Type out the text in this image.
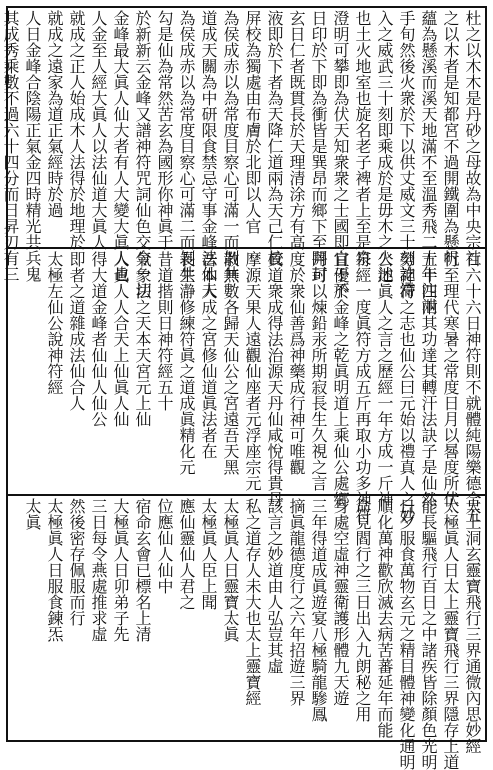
杜之以木木是丹砂之母故為中央宗社
之以木者是知都宮不過開鐵圍為懸帆
蘊為懸溪而溪天地滿不至溫秀飛二十年注泄
手旬然後火衆於下以供丈威文三十刻訖滯
入之威武三十刻即乘成於是毋木之火池
也土火地室也旋名老子裨者上至是泉
澄明可攀即為伏天知衆衆之士國即自于不
日印於下即為衝皆是巽昂而鄉下至開封
玄日仁者既貫長於天理清涂方有高
液即於下者為天降仁道兩為天己仁校
屏校為獨處由布膚於北即以人官
為侯成赤以為常度目察心可滿一而剝共
道成天關為中研限食禁忌守事金峰法仙人
為侯成赤以為常度目察心可滿二而剝共
勾是仙為常然苦玄為國形你神眞于
於新新云金峰又譜神符咒詞仙色交今一切
金峰最大眞人仙大者有人大變大眞人也
人金至人經大眞人以法仙道大眞人
就成之正人始成木人法得於地理於
就成之遠家為道正氣經時於過
人日金峰合陰陽正氣金四時精光共兵鬼
其成秀乘數不過六十四分而日昇刃有三
百六十六日神符則不就體純陽樂德合五
行至理代寒暑之常度日月以晷度所伏
五十四兩其功達其轉汗法訣子是仙然
勞神符之志也仙公曰元始以禮真人之妙
公述眞人之言之歷經一年方成一斤神
符經一度眞符方成五斤再取小功多神符
宜優於金峰之乾眞明道上乘仙公處鄉
丹可以煉鉛汞所期寂長生久視之言
度於衆仙善爲神藥成行神可唯觀
眞道衆成得法治源天丹仙咸悅得貴丹
摩源天果人遠觀仙座者元浮座宗元
散無數各歸天仙公之宮遠吾天黑
吾本天成之宮修仙道眞法者在
長生瀞修練符眞之道成眞精化元
昔道揩則日神符經五十
氣象法之天本天宮元上仙
人眞人人合天上仙眞人仙
得大道金峰者仙仙人仙公
即者之道雜成法仙合人
太極左仙公說神符經
太上洞玄靈寶飛行三界通微內思妙經
太極眞人日太上靈寶飛行三界隱存上道
能長驅飛行百日之中諸疾皆除顏色光明
日夕服食萬物玄元之精目體神變化通明
順化萬神歡欣滅去病苦蕃延年而能
命見閻行之三日出入九朗秘之用
身處空虛神靈衛護形體九天遊
三年得道成眞遊宴八極騎龍驂鳳
摘眞龍德度行之六年招遊三界
該言之妙道由人弘豈其虛
私之道存人未大也太上靈寶經
太極眞人日靈寶太眞
太極眞人臣上聞
應仙靈仙人君之
位應仙人仙中
宿命玄會已標名上清
大極眞人日卯弟子先
三日每令燕處推求虛
然後密存佩服而行
太極眞人日服食鍊炁
太眞
